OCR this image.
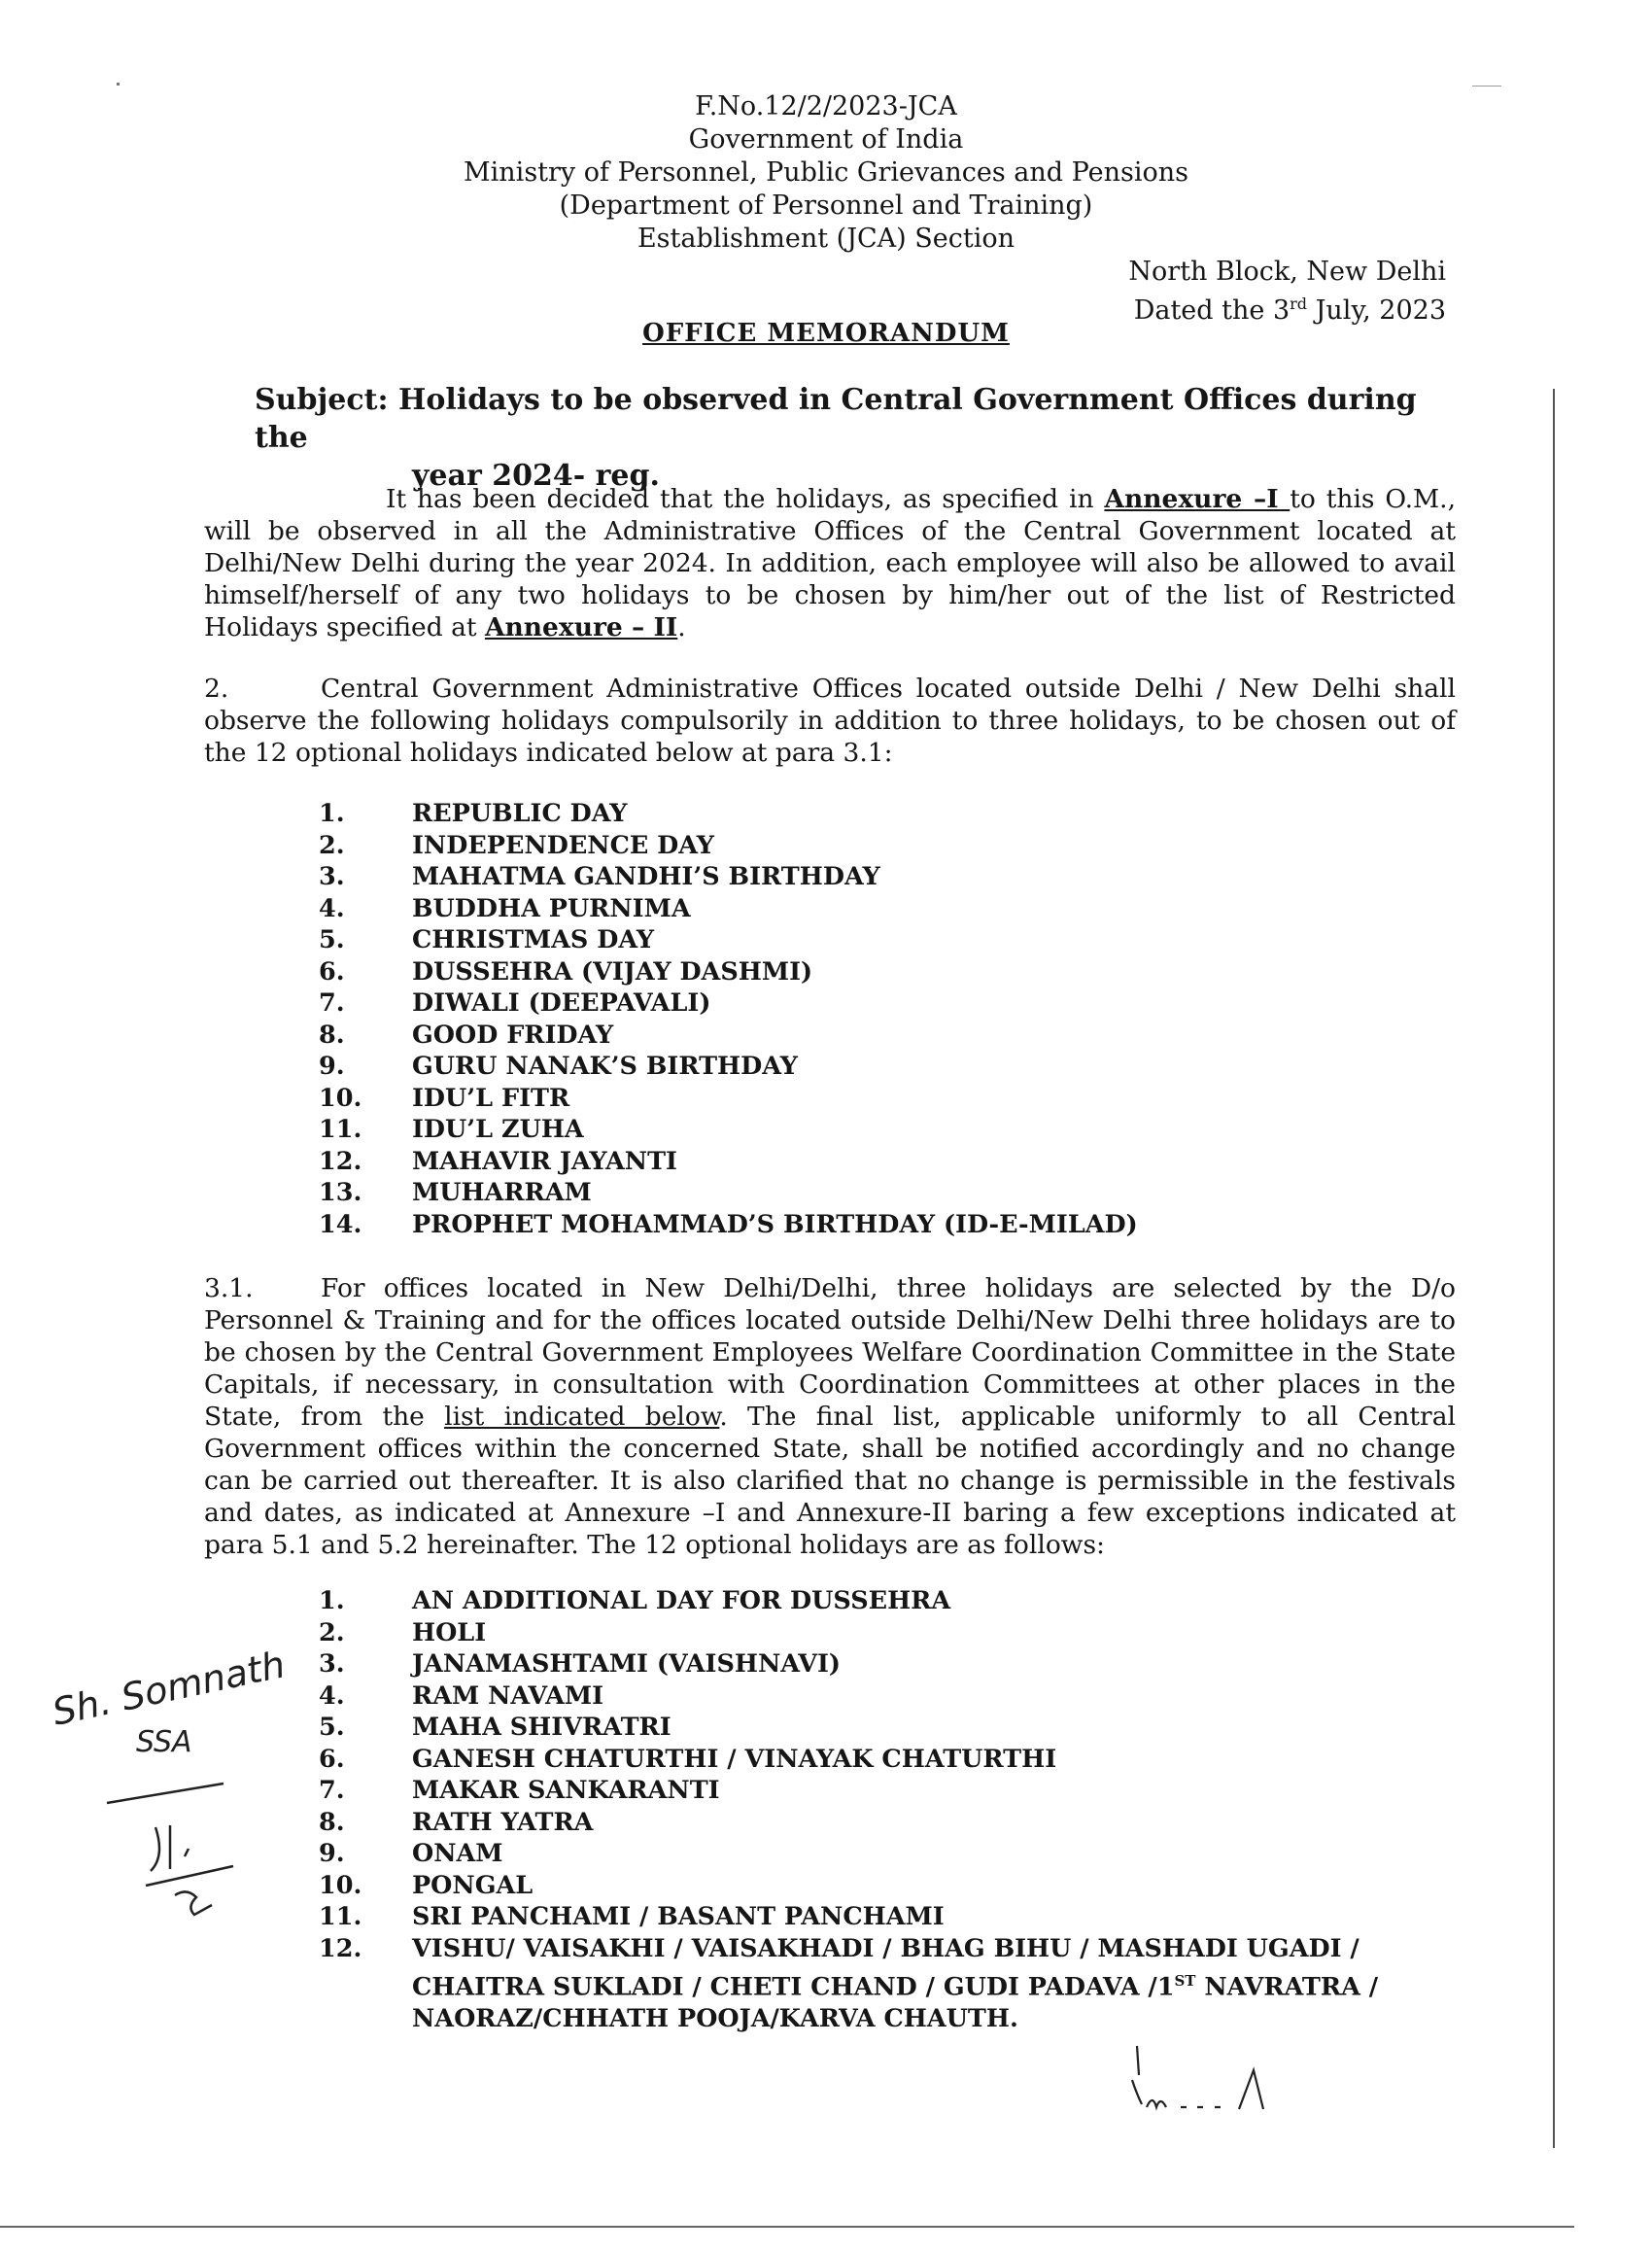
F.No.12/2/2023-JCA
Government of India
Ministry of Personnel, Public Grievances and Pensions
(Department of Personnel and Training)
Establishment (JCA) Section
North Block, New Delhi
Dated the 3rd July, 2023
OFFICE MEMORANDUM
Subject: Holidays to be observed in Central Government Offices during the
year 2024- reg.
It has been decided that the holidays, as specified in Annexure –I to this O.M., will be observed in all the Administrative Offices of the Central Government located at Delhi/New Delhi during the year 2024. In addition, each employee will also be allowed to avail himself/herself of any two holidays to be chosen by him/her out of the list of Restricted Holidays specified at Annexure – II.
2.	Central Government Administrative Offices located outside Delhi / New Delhi shall observe the following holidays compulsorily in addition to three holidays, to be chosen out of the 12 optional holidays indicated below at para 3.1:
1.	REPUBLIC DAY
2.	INDEPENDENCE DAY
3.	MAHATMA GANDHI’S BIRTHDAY
4.	BUDDHA PURNIMA
5.	CHRISTMAS DAY
6.	DUSSEHRA (VIJAY DASHMI)
7.	DIWALI (DEEPAVALI)
8.	GOOD FRIDAY
9.	GURU NANAK’S BIRTHDAY
10. IDU’L FITR
11. IDU’L ZUHA
12. MAHAVIR JAYANTI
13. MUHARRAM
14. PROPHET MOHAMMAD’S BIRTHDAY (ID-E-MILAD)
3.1.	For offices located in New Delhi/Delhi, three holidays are selected by the D/o Personnel & Training and for the offices located outside Delhi/New Delhi three holidays are to be chosen by the Central Government Employees Welfare Coordination Committee in the State Capitals, if necessary, in consultation with Coordination Committees at other places in the State, from the list indicated below. The final list, applicable uniformly to all Central Government offices within the concerned State, shall be notified accordingly and no change can be carried out thereafter. It is also clarified that no change is permissible in the festivals and dates, as indicated at Annexure –I and Annexure-II baring a few exceptions indicated at para 5.1 and 5.2 hereinafter. The 12 optional holidays are as follows:
1.	AN ADDITIONAL DAY FOR DUSSEHRA
2.	HOLI
3.	JANAMASHTAMI (VAISHNAVI)
4.	RAM NAVAMI
5.	MAHA SHIVRATRI
6.	GANESH CHATURTHI / VINAYAK CHATURTHI
7.	MAKAR SANKARANTI
8.	RATH YATRA
9.	ONAM
10. PONGAL
11. SRI PANCHAMI / BASANT PANCHAMI
12. VISHU/ VAISAKHI / VAISAKHADI / BHAG BIHU / MASHADI UGADI /
CHAITRA SUKLADI / CHETI CHAND / GUDI PADAVA /1ST NAVRATRA /
NAORAZ/CHHATH POOJA/KARVA CHAUTH.
Sh. Somnath
SSA
